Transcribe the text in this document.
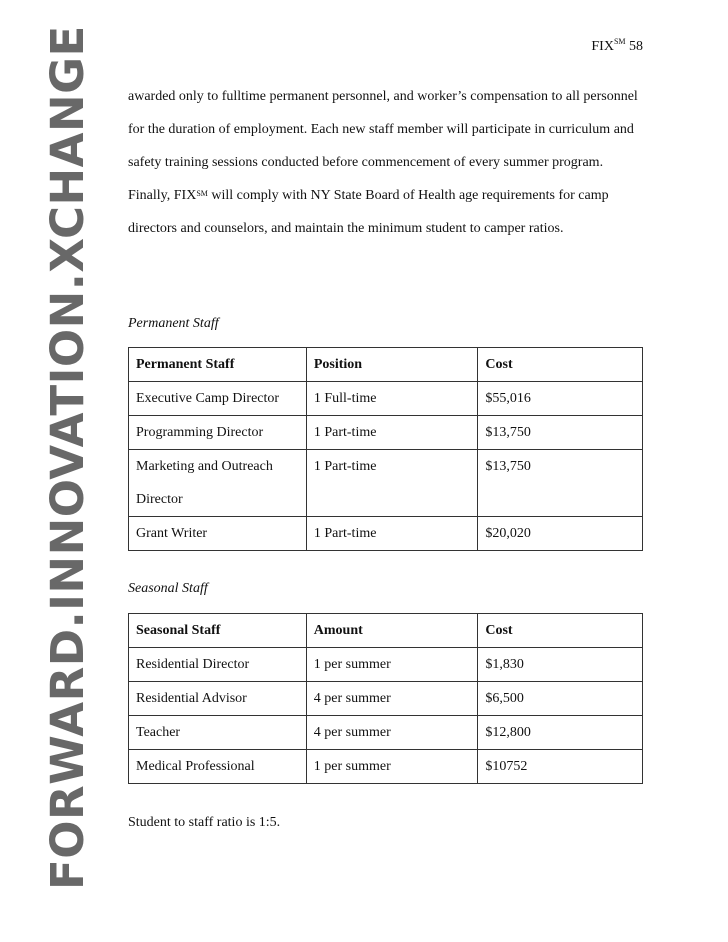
FORWARD.INNOVATION.XCHANGE	FIX℠ 58

awarded only to fulltime permanent personnel, and worker’s compensation to all personnel for the duration of employment. Each new staff member will participate in curriculum and safety training sessions conducted before commencement of every summer program. Finally, FIX℠ will comply with NY State Board of Health age requirements for camp directors and counselors, and maintain the minimum student to camper ratios.

Permanent Staff
Permanent Staff	Position	Cost
Executive Camp Director	1 Full-time	$55,016
Programming Director	1 Part-time	$13,750
Marketing and Outreach Director	1 Part-time	$13,750
Grant Writer	1 Part-time	$20,020
Seasonal Staff
Seasonal Staff	Amount	Cost
Residential Director	1 per summer	$1,830
Residential Advisor	4 per summer	$6,500
Teacher	4 per summer	$12,800
Medical Professional	1 per summer	$10752
Student to staff ratio is 1:5.
